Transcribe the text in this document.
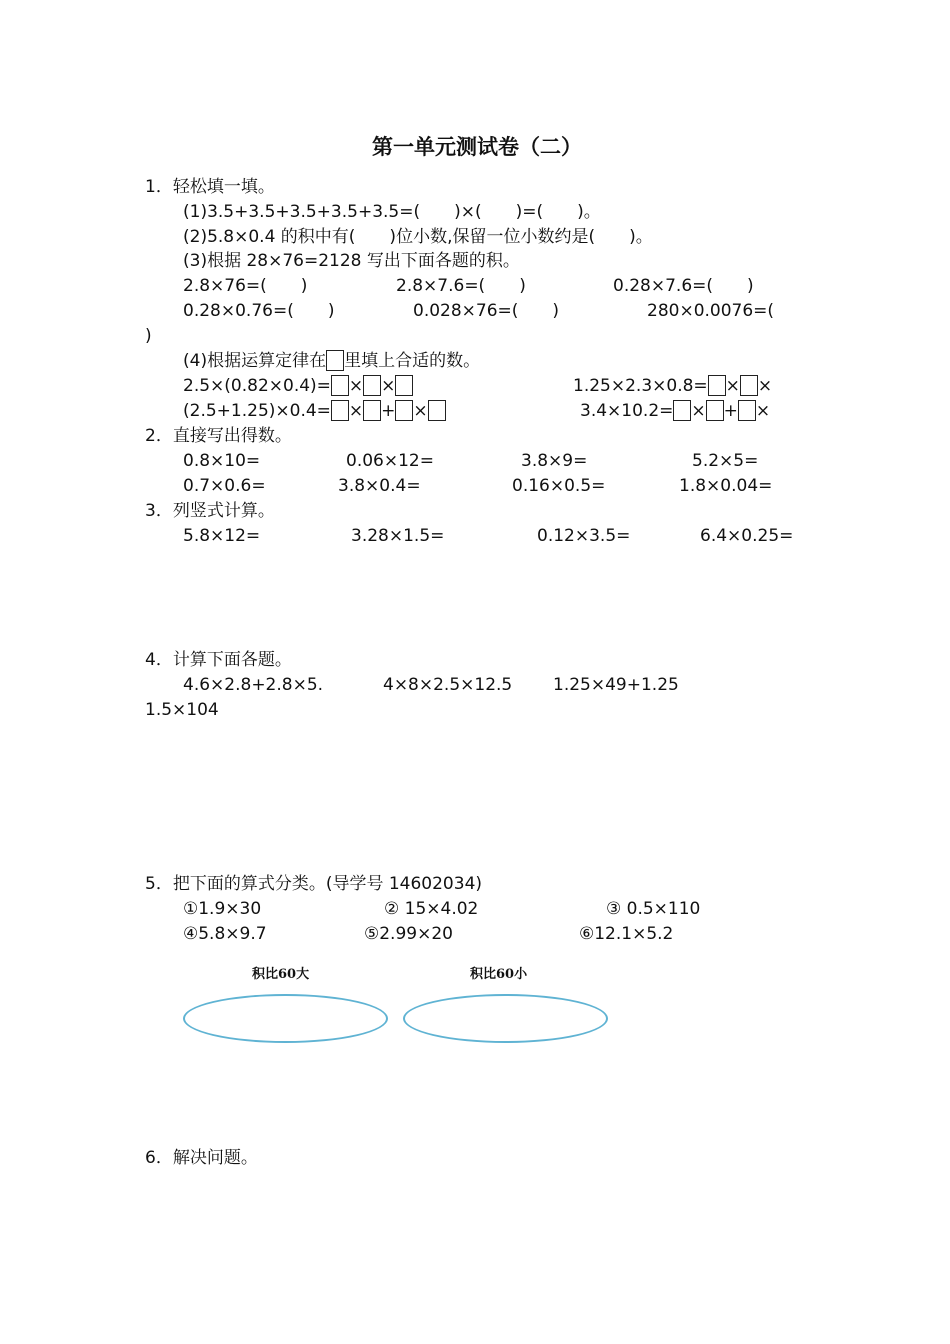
第一单元测试卷（二）
1．轻松填一填。
(1)3.5+3.5+3.5+3.5+3.5=(　　)×(　　)=(　　)。
(2)5.8×0.4 的积中有(　　)位小数,保留一位小数约是(　　)。
(3)根据 28×76=2128 写出下面各题的积。
2.8×76=(　　)	2.8×7.6=(　　)	0.28×7.6=(　　)
0.28×0.76=(　　)	0.028×76=(　　)	280×0.0076=(
)
(4)根据运算定律在 里填上合适的数。
2.5×(0.82×0.4)= × ×	1.25×2.3×0.8= × ×
(2.5+1.25)×0.4= × + ×	3.4×10.2= × + ×
2．直接写出得数。
0.8×10=	0.06×12=	3.8×9=	5.2×5=
0.7×0.6=	3.8×0.4=	0.16×0.5=	1.8×0.04=
3．列竖式计算。
5.8×12=	3.28×1.5=	0.12×3.5=	6.4×0.25=
4．计算下面各题。
4.6×2.8+2.8×5.	4×8×2.5×12.5 1.25×49+1.25
1.5×104
5．把下面的算式分类。(导学号 14602034)
①1.9×30	② 15×4.02	③ 0.5×110
④5.8×9.7	⑤2.99×20	⑥12.1×5.2
积比60大	积比60小
6．解决问题。
